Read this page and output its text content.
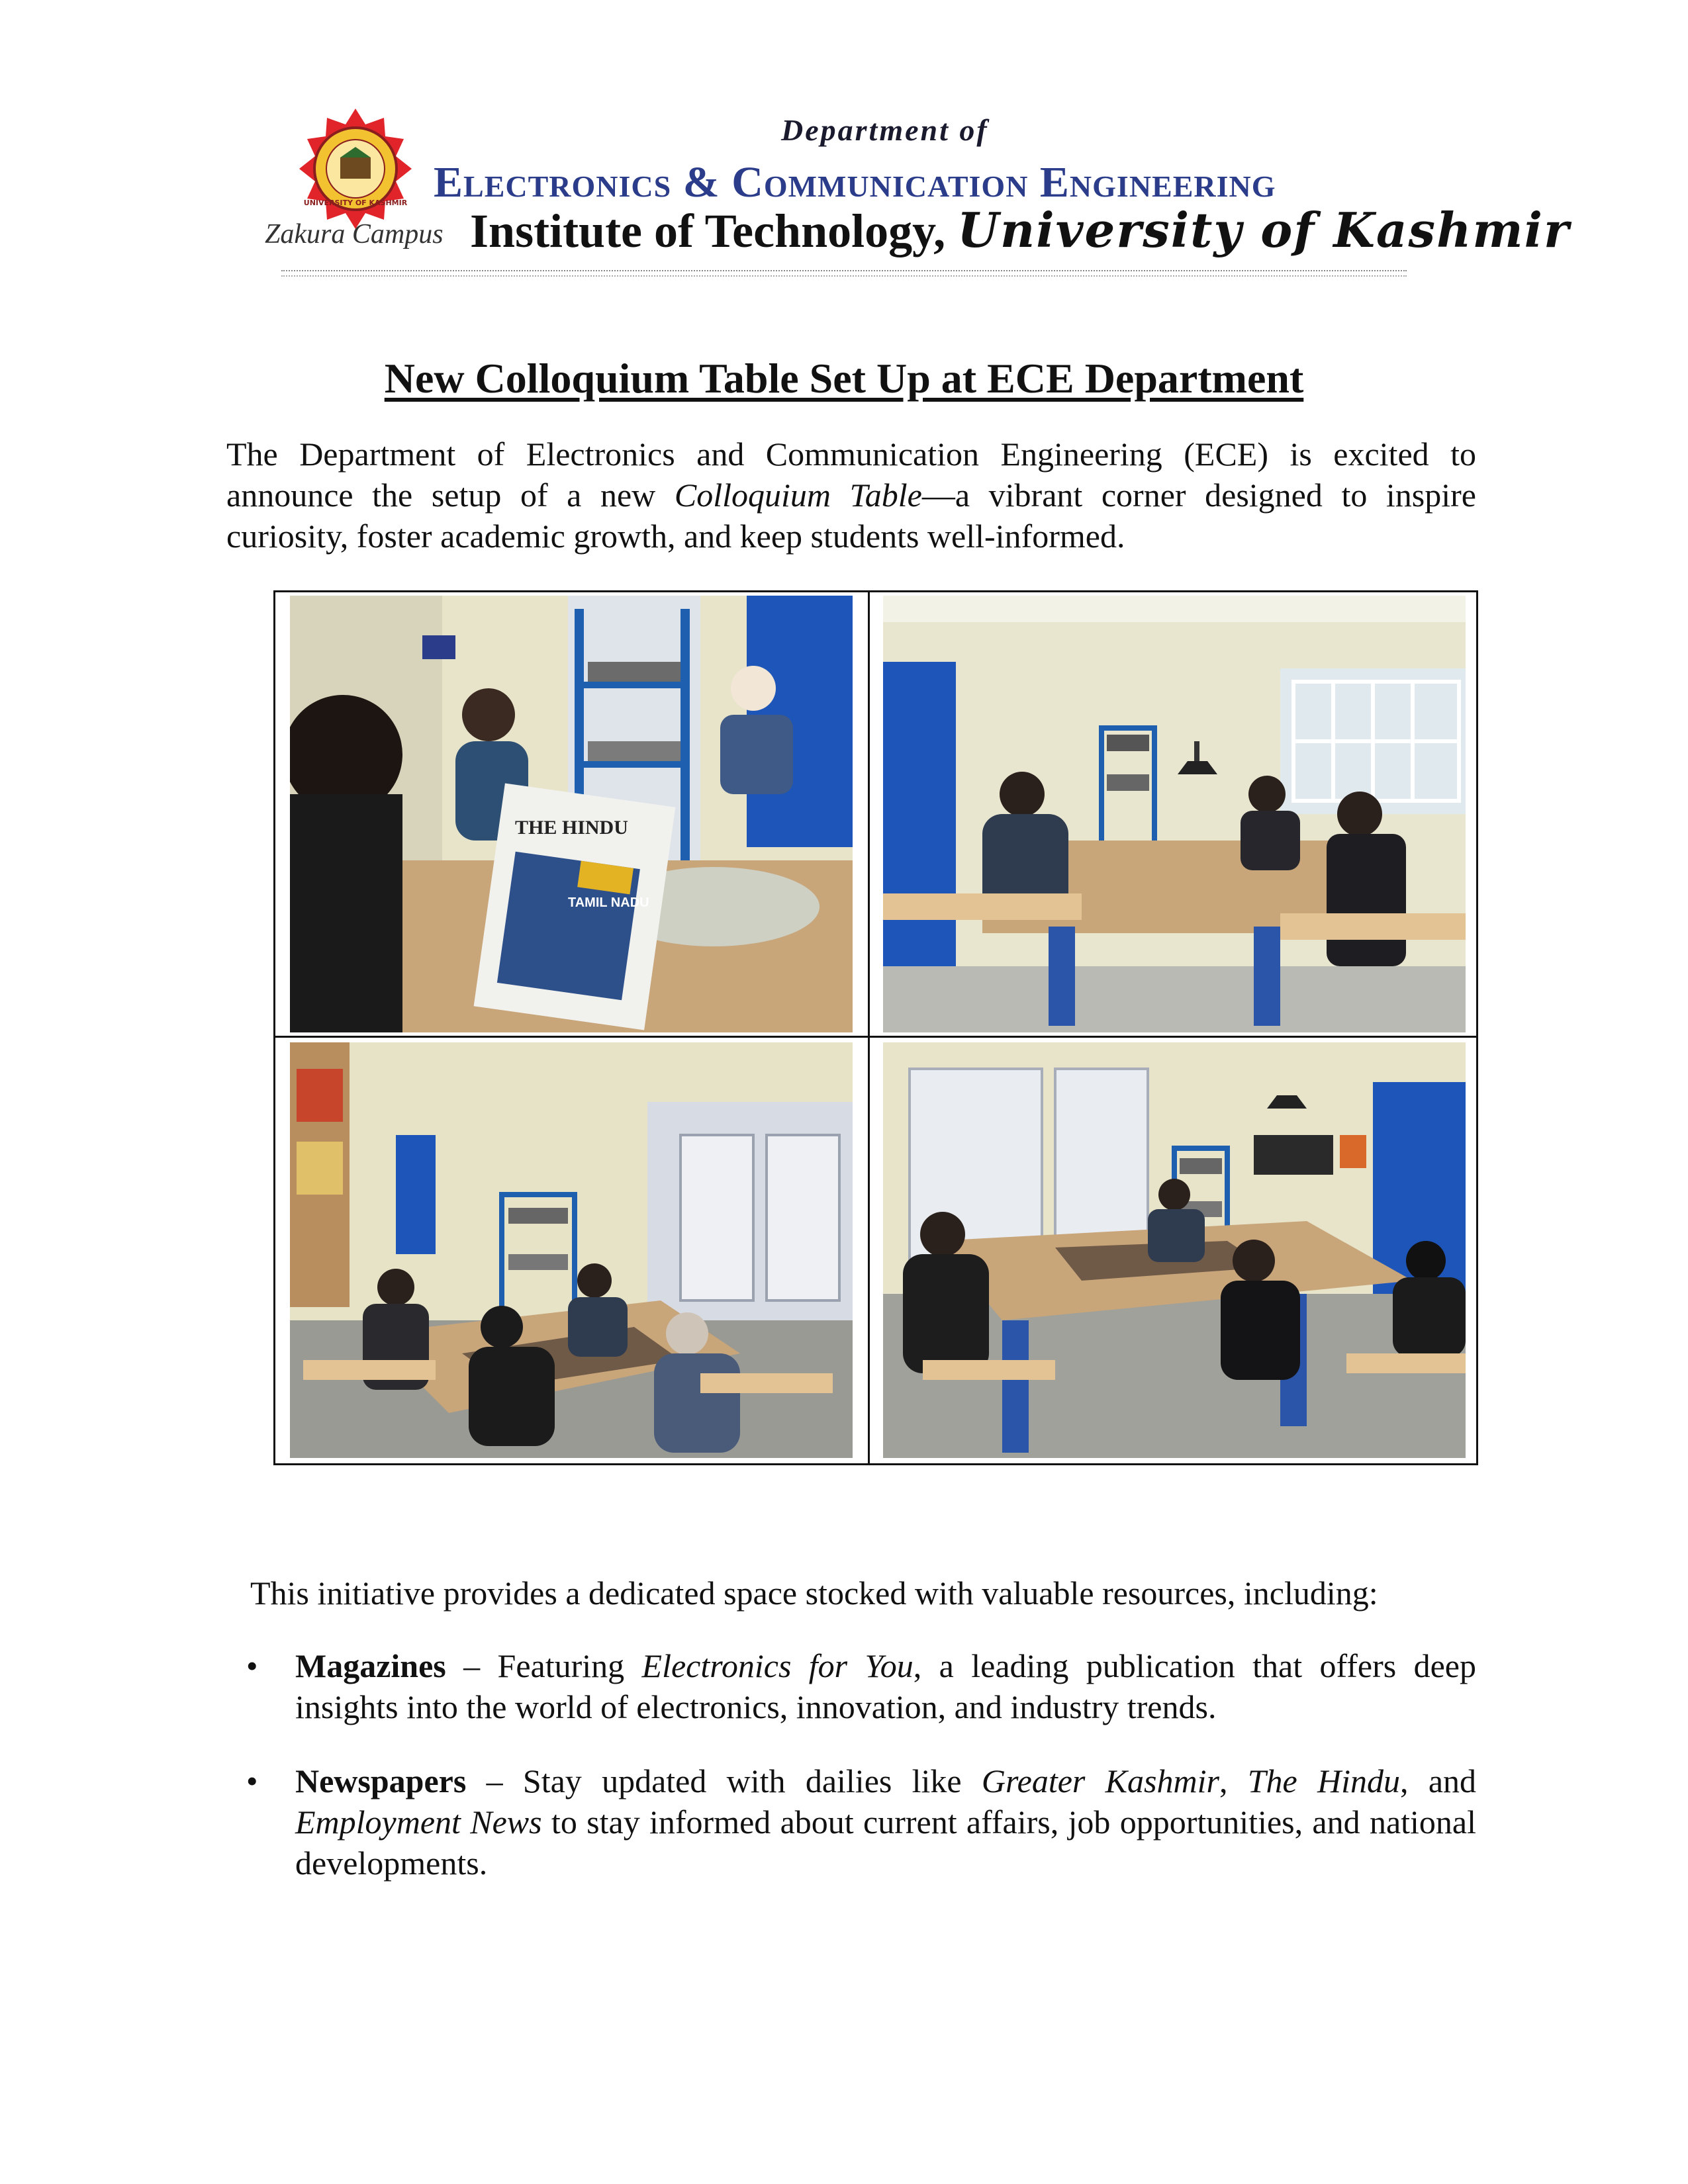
UNIVERSITY OF KASHMIR
Zakura Campus
Department of
Electronics & Communication Engineering
Institute of Technology, University of Kashmir
New Colloquium Table Set Up at ECE Department

The Department of Electronics and Communication Engineering (ECE) is excited to announce the setup of a new Colloquium Table—a vibrant corner designed to inspire curiosity, foster academic growth, and keep students well-informed.

THE HINDU
TAMIL NADU
This initiative provides a dedicated space stocked with valuable resources, including:
• Magazines – Featuring Electronics for You, a leading publication that offers deep insights into the world of electronics, innovation, and industry trends.
• Newspapers – Stay updated with dailies like Greater Kashmir, The Hindu, and Employment News to stay informed about current affairs, job opportunities, and national developments.
